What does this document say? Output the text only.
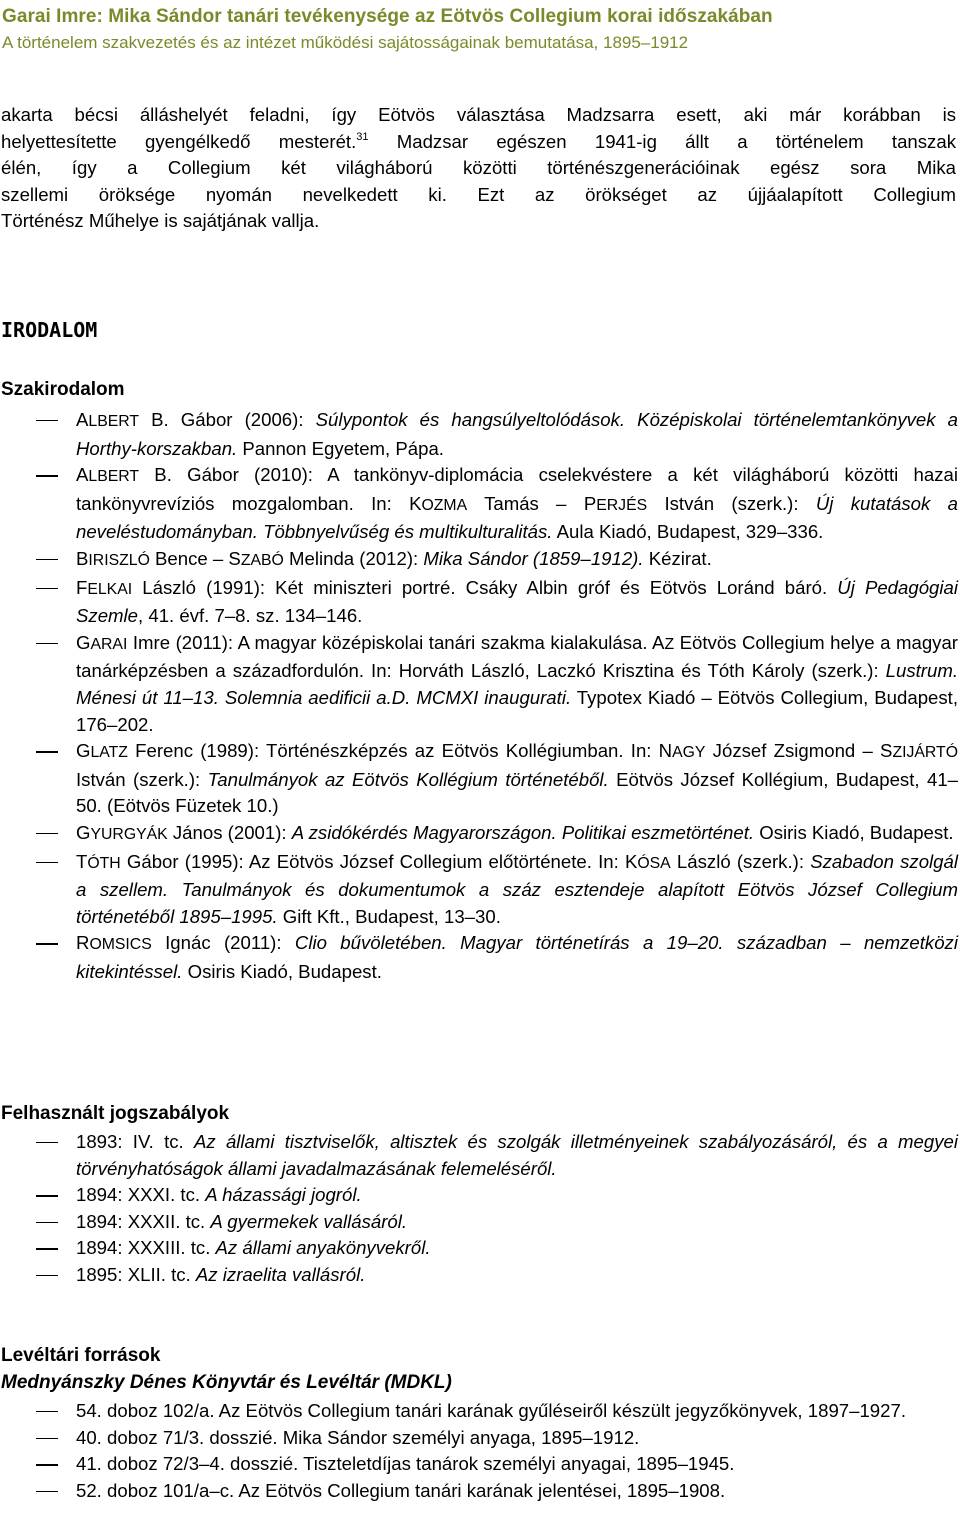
Garai Imre: Mika Sándor tanári tevékenysége az Eötvös Collegium korai időszakában
A történelem szakvezetés és az intézet működési sajátosságainak bemutatása, 1895–1912
akarta bécsi álláshelyét feladni, így Eötvös választása Madzsarra esett, aki már korábban is
helyettesítette gyengélkedő mesterét.$^{31}$ Madzsar egészen 1941-ig állt a történelem tanszak
élén, így a Collegium két világháború közötti történészgenerációinak egész sora Mika
szellemi öröksége nyomán nevelkedett ki. Ezt az örökséget az újjáalapított Collegium
Történész Műhelye is sajátjának vallja.
IRODALOM
Szakirodalom
ALBERT B. Gábor (2006): Súlypontok és hangsúlyeltolódások. Középiskolai történelemtankönyvek a Horthy-korszakban. Pannon Egyetem, Pápa.
ALBERT B. Gábor (2010): A tankönyv-diplomácia cselekvéstere a két világháború közötti hazai tankönyvrevíziós mozgalomban. In: KOZMA Tamás – PERJÉS István (szerk.): Új kutatások a neveléstudományban. Többnyelvűség és multikulturalitás. Aula Kiadó, Budapest, 329–336.
BIRISZLÓ Bence – SZABÓ Melinda (2012): Mika Sándor (1859–1912). Kézirat.
FELKAI László (1991): Két miniszteri portré. Csáky Albin gróf és Eötvös Loránd báró. Új Pedagógiai Szemle, 41. évf. 7–8. sz. 134–146.
GARAI Imre (2011): A magyar középiskolai tanári szakma kialakulása. AZ Eötvös Collegium helye a magyar tanárképzésben a századfordulón. In: Horváth László, Laczkó Krisztina és Tóth Károly (szerk.): Lustrum. Ménesi út 11–13. Solemnia aedificii a.D. MCMXI inaugurati. Typotex Kiadó – Eötvös Collegium, Budapest, 176–202.
GLATZ Ferenc (1989): Történészképzés az Eötvös Kollégiumban. In: NAGY József Zsigmond – SZIJÁRTÓ István (szerk.): Tanulmányok az Eötvös Kollégium történetéből. Eötvös József Kollégium, Budapest, 41–50. (Eötvös Füzetek 10.)
GYURGYÁK János (2001): A zsidókérdés Magyarországon. Politikai eszmetörténet. Osiris Kiadó, Budapest.
TÓTH Gábor (1995): Az Eötvös József Collegium előtörténete. In: KÓSA László (szerk.): Szabadon szolgál a szellem. Tanulmányok és dokumentumok a száz esztendeje alapított Eötvös József Collegium történetéből 1895–1995. Gift Kft., Budapest, 13–30.
ROMSICS Ignác (2011): Clio bűvöletében. Magyar történetírás a 19–20. században – nemzetközi kitekintéssel. Osiris Kiadó, Budapest.
Felhasznált jogszabályok
1893: IV. tc. Az állami tisztviselők, altisztek és szolgák illetményeinek szabályozásáról, és a megyei törvényhatóságok állami javadalmazásának felemeléséről.
1894: XXXI. tc. A házassági jogról.
1894: XXXII. tc. A gyermekek vallásáról.
1894: XXXIII. tc. Az állami anyakönyvekről.
1895: XLII. tc. Az izraelita vallásról.
Levéltári források
Mednyánszky Dénes Könyvtár és Levéltár (MDKL)
54. doboz 102/a. Az Eötvös Collegium tanári karának gyűléseiről készült jegyzőkönyvek, 1897–1927.
40. doboz 71/3. dosszié. Mika Sándor személyi anyaga, 1895–1912.
41. doboz 72/3–4. dosszié. Tiszteletdíjas tanárok személyi anyagai, 1895–1945.
52. doboz 101/a–c. Az Eötvös Collegium tanári karának jelentései, 1895–1908.
